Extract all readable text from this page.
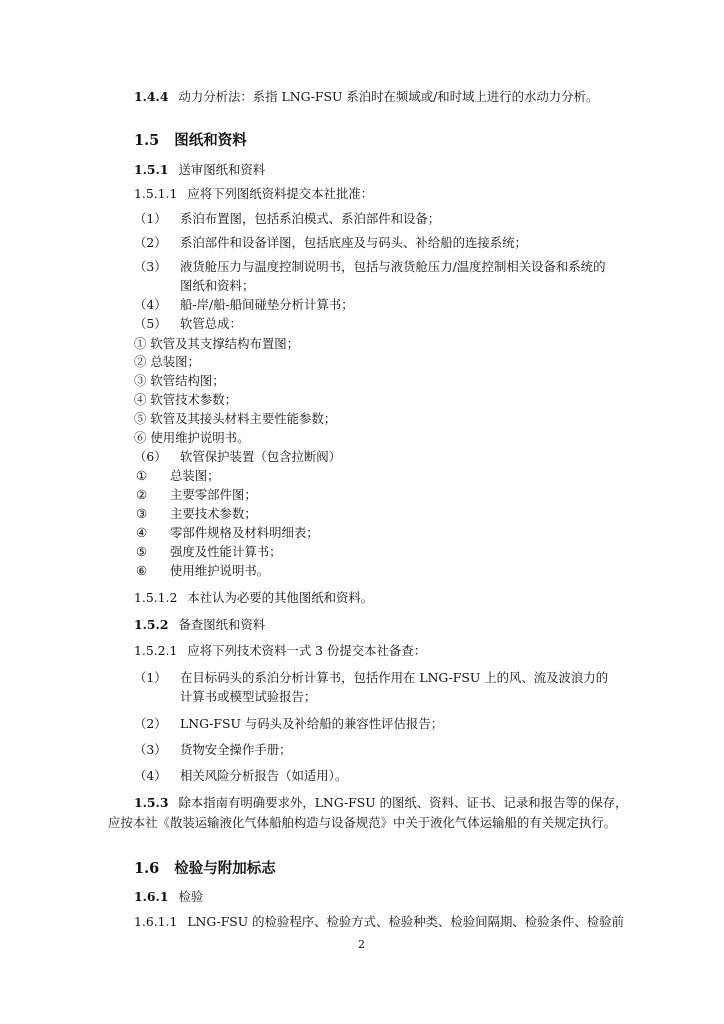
1.4.4 动力分析法：系指 LNG-FSU 系泊时在频域或/和时域上进行的水动力分析。
1.5 图纸和资料
1.5.1 送审图纸和资料
1.5.1.1 应将下列图纸资料提交本社批准：
（1） 系泊布置图，包括系泊模式、系泊部件和设备；
（2） 系泊部件和设备详图，包括底座及与码头、补给船的连接系统；
（3） 液货舱压力与温度控制说明书，包括与液货舱压力/温度控制相关设备和系统的
图纸和资料；
（4） 船-岸/船-船间碰垫分析计算书；
（5） 软管总成：
① 软管及其支撑结构布置图；
② 总装图；
③ 软管结构图；
④ 软管技术参数；
⑤ 软管及其接头材料主要性能参数；
⑥ 使用维护说明书。
（6） 软管保护装置（包含拉断阀）
① 总装图；
② 主要零部件图；
③ 主要技术参数；
④ 零部件规格及材料明细表；
⑤ 强度及性能计算书；
⑥ 使用维护说明书。
1.5.1.2 本社认为必要的其他图纸和资料。
1.5.2 备查图纸和资料
1.5.2.1 应将下列技术资料一式 3 份提交本社备查：
（1） 在目标码头的系泊分析计算书，包括作用在 LNG-FSU 上的风、流及波浪力的
计算书或模型试验报告；
（2） LNG-FSU 与码头及补给船的兼容性评估报告；
（3） 货物安全操作手册；
（4） 相关风险分析报告（如适用）。
1.5.3 除本指南有明确要求外，LNG-FSU 的图纸、资料、证书、记录和报告等的保存，
应按本社《散装运输液化气体船舶构造与设备规范》中关于液化气体运输船的有关规定执行。
1.6 检验与附加标志
1.6.1 检验
1.6.1.1 LNG-FSU 的检验程序、检验方式、检验种类、检验间隔期、检验条件、检验前
2
